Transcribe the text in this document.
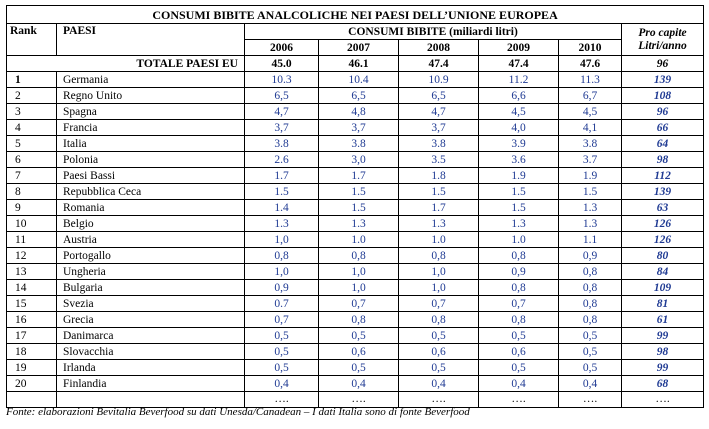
CONSUMI BIBITE ANALCOLICHE NEI PAESI DELL’UNIONE EUROPEA							
Rank	PAESI	CONSUMI BIBITE (miliardi litri)					Pro capite
Litri/anno

		2006	2007	2008	2009	2010	
TOTALE PAESI EU		45.0	46.1	47.4	47.4	47.6	96
1	Germania	10.3	10.4	10.9	11.2	11.3	139
2	Regno Unito	6,5	6,5	6,5	6,6	6,7	108
3	Spagna	4,7	4,8	4,7	4,5	4,5	96
4	Francia	3,7	3,7	3,7	4,0	4,1	66
5	Italia	3.8	3.8	3.8	3.9	3.8	64
6	Polonia	2.6	3,0	3.5	3.6	3.7	98
7	Paesi Bassi	1.7	1.7	1.8	1.9	1.9	112
8	Repubblica Ceca	1.5	1.5	1.5	1.5	1.5	139
9	Romania	1.4	1.5	1.7	1.5	1.3	63
10	Belgio	1.3	1.3	1.3	1.3	1.3	126
11	Austria	1,0	1.0	1.0	1.0	1.1	126
12	Portogallo	0,8	0,8	0,8	0,8	0,9	80
13	Ungheria	1,0	1,0	1,0	0,9	0,8	84
14	Bulgaria	0,9	1,0	1,0	0,8	0,8	109
15	Svezia	0.7	0,7	0,7	0,7	0,8	81
16	Grecia	0,7	0,8	0,8	0,8	0,8	61
17	Danimarca	0,5	0,5	0,5	0,5	0,5	99
18	Slovacchia	0,5	0,6	0,6	0,6	0,5	98
19	Irlanda	0,5	0,5	0,5	0,5	0,5	99
20	Finlandia	0,4	0,4	0,4	0,4	0,4	68
		….	….	….	….	….	….
Fonte: elaborazioni Bevitalia Beverfood su dati Unesda/Canadean – I dati Italia sono di fonte Beverfood
